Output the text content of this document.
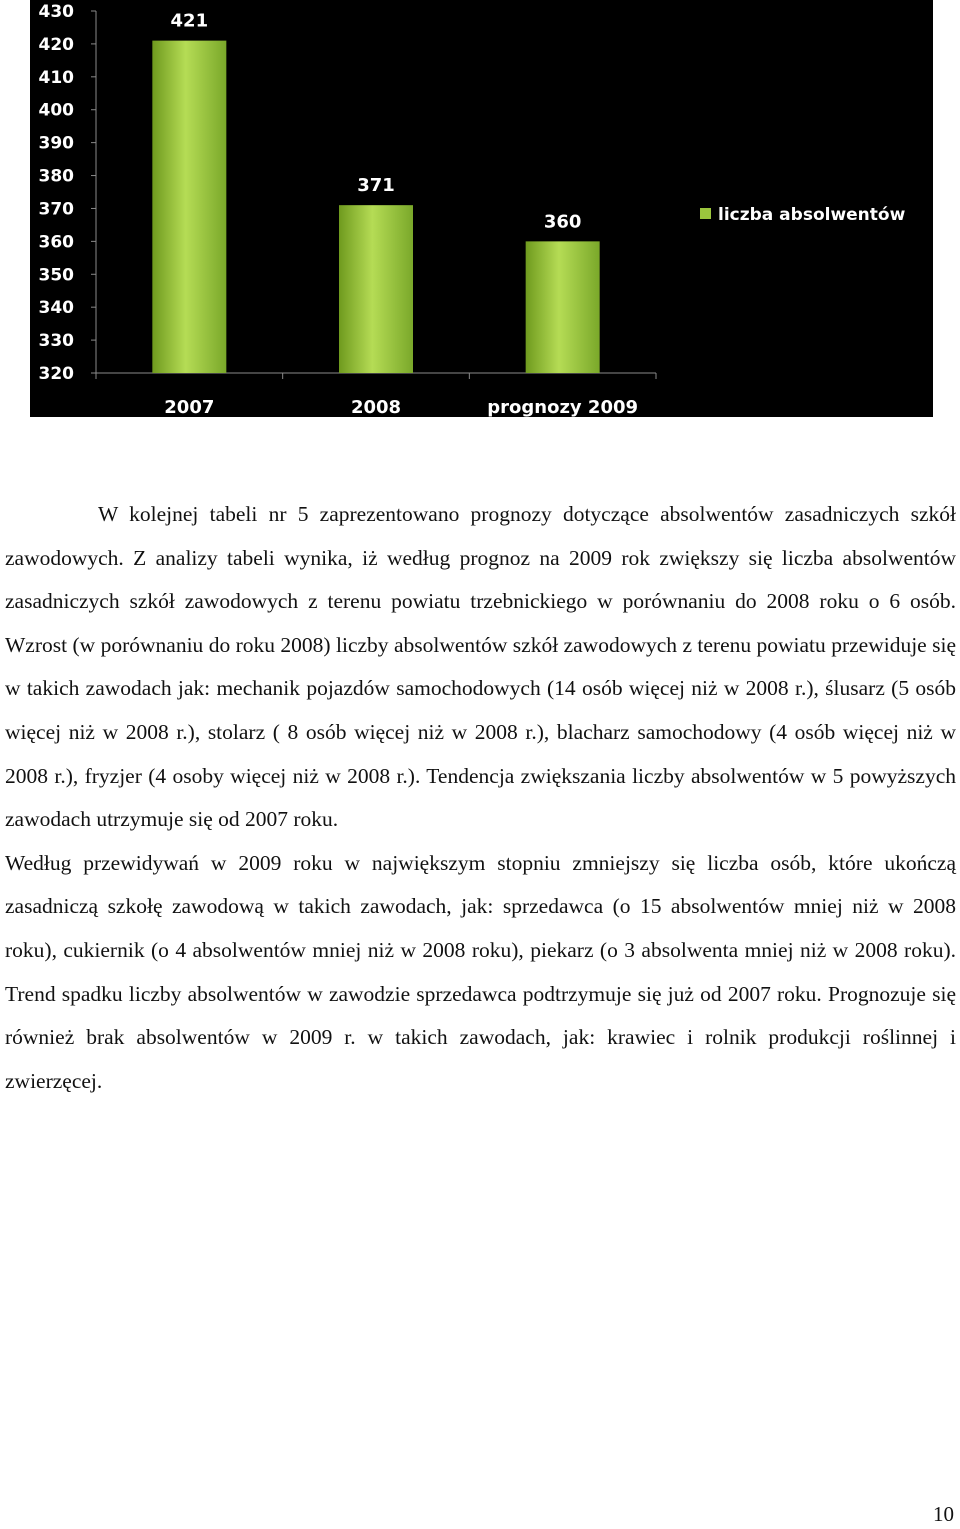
320
330
340
350
360
370
380
390
400
410
420
430
2007	2008	prognozy 2009
421
371
360	liczba absolwentów

W kolejnej tabeli nr 5 zaprezentowano prognozy dotyczące absolwentów zasadniczych szkół zawodowych. Z analizy tabeli wynika, iż według prognoz na 2009 rok zwiększy się liczba absolwentów zasadniczych szkół zawodowych z terenu powiatu trzebnickiego w porównaniu do 2008 roku o 6 osób. Wzrost (w porównaniu do roku 2008) liczby absolwentów szkół zawodowych z terenu powiatu przewiduje się w takich zawodach jak: mechanik pojazdów samochodowych (14 osób więcej niż w 2008 r.), ślusarz (5 osób więcej niż w 2008 r.), stolarz ( 8 osób więcej niż w 2008 r.), blacharz samochodowy (4 osób więcej niż w 2008 r.), fryzjer (4 osoby więcej niż w 2008 r.). Tendencja zwiększania liczby absolwentów w 5 powyższych zawodach utrzymuje się od 2007 roku.

Według przewidywań w 2009 roku w największym stopniu zmniejszy się liczba osób, które ukończą zasadniczą szkołę zawodową w takich zawodach, jak: sprzedawca (o 15 absolwentów mniej niż w 2008 roku), cukiernik (o 4 absolwentów mniej niż w 2008 roku), piekarz (o 3 absolwenta mniej niż w 2008 roku). Trend spadku liczby absolwentów w zawodzie sprzedawca podtrzymuje się już od 2007 roku. Prognozuje się również brak absolwentów w 2009 r. w takich zawodach, jak: krawiec i rolnik produkcji roślinnej i zwierzęcej.

10
